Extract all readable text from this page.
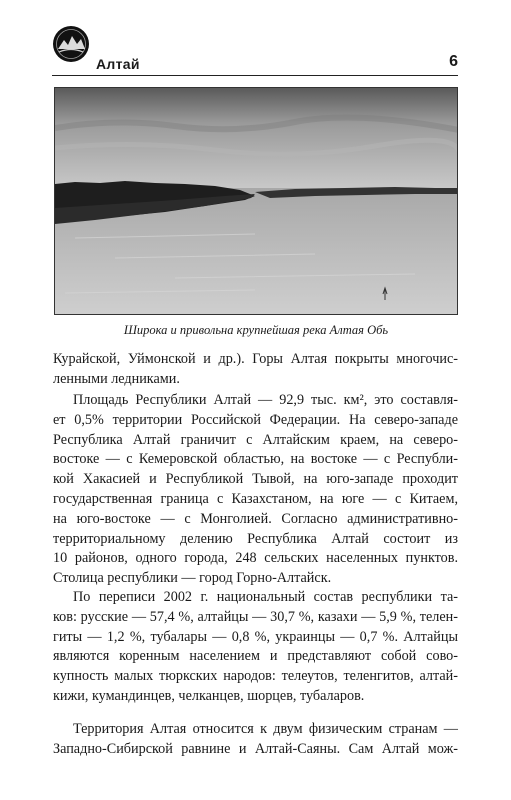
Алтай	6
Широка и привольна крупнейшая река Алтая Обь
Курайской, Уймонской и др.). Горы Алтая покрыты многочис-
ленными ледниками.
Площадь Республики Алтай — 92,9 тыс. км², это составля-
ет 0,5% территории Российской Федерации. На северо-западе
Республика Алтай граничит с Алтайским краем, на северо-
востоке — с Кемеровской областью, на востоке — с Республи-
кой Хакасией и Республикой Тывой, на юго-западе проходит
государственная граница с Казахстаном, на юге — с Китаем,
на юго-востоке — с Монголией. Согласно административно-
территориальному делению Республика Алтай состоит из
10 районов, одного города, 248 сельских населенных пунктов.
Столица республики — город Горно-Алтайск.
По переписи 2002 г. национальный состав республики та-
ков: русские — 57,4 %, алтайцы — 30,7 %, казахи — 5,9 %, телен-
гиты — 1,2 %, тубалары — 0,8 %, украинцы — 0,7 %. Алтайцы
являются коренным населением и представляют собой сово-
купность малых тюркских народов: телеутов, теленгитов, алтай-
кижи, кумандинцев, челканцев, шорцев, тубаларов.
Территория Алтая относится к двум физическим странам —
Западно-Сибирской равнине и Алтай-Саяны. Сам Алтай мож-
